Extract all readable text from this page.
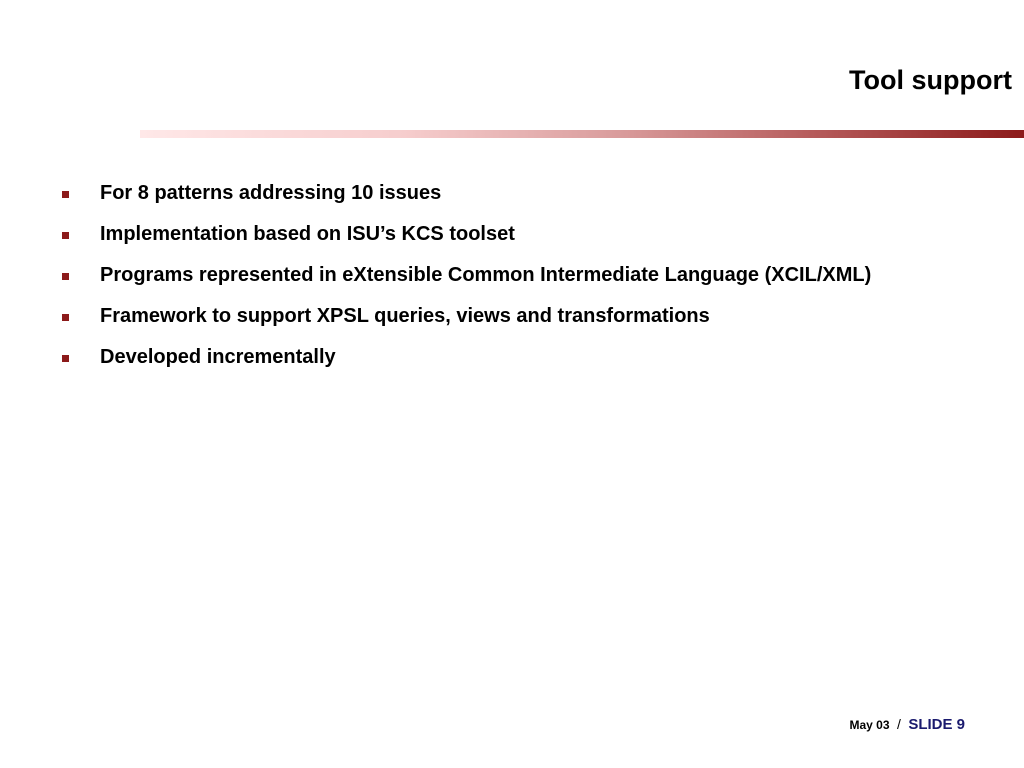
Tool support
For 8 patterns addressing 10 issues
Implementation based on ISU’s KCS toolset
Programs represented in eXtensible Common Intermediate Language (XCIL/XML)
Framework to support XPSL queries, views and transformations
Developed incrementally
May 03 / SLIDE 9
